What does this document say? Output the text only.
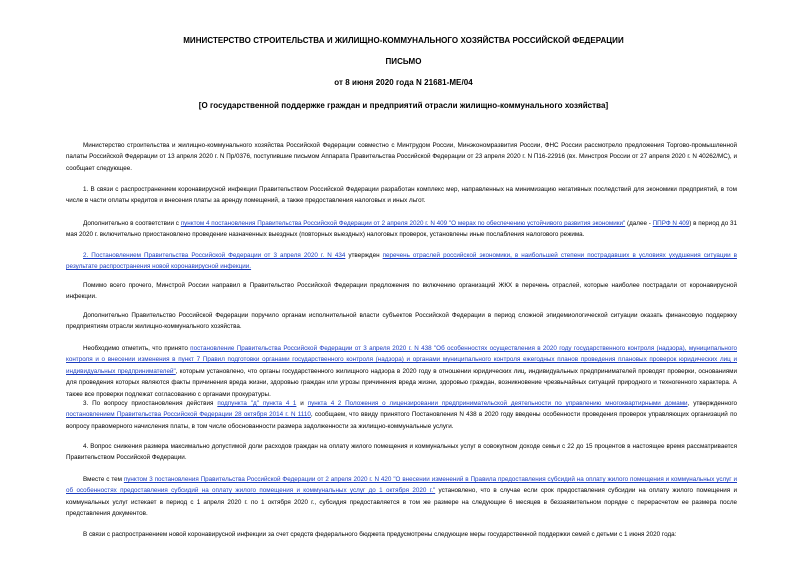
МИНИСТЕРСТВО СТРОИТЕЛЬСТВА И ЖИЛИЩНО-КОММУНАЛЬНОГО ХОЗЯЙСТВА РОССИЙСКОЙ ФЕДЕРАЦИИ
ПИСЬМО
от 8 июня 2020 года N 21681-МЕ/04
[О государственной поддержке граждан и предприятий отрасли жилищно-коммунального хозяйства]

Министерство строительства и жилищно-коммунального хозяйства Российской Федерации совместно с Минтрудом России, Минэкономразвития России, ФНС России рассмотрело предложения Торгово-промышленной палаты Российской Федерации от 13 апреля 2020 г. N Пр/0376, поступившие письмом Аппарата Правительства Российской Федерации от 23 апреля 2020 г. N П16-22916 (вх. Минстроя России от 27 апреля 2020 г. N 40262/МС), и сообщает следующее.

1. В связи с распространением коронавирусной инфекции Правительством Российской Федерации разработан комплекс мер, направленных на минимизацию негативных последствий для экономики предприятий, в том числе в части оплаты кредитов и внесения платы за аренду помещений, а также предоставления налоговых и иных льгот.

Дополнительно в соответствии с пунктом 4 постановления Правительства Российской Федерации от 2 апреля 2020 г. N 409 "О мерах по обеспечению устойчивого развития экономики" (далее - ППРФ N 409) в период до 31 мая 2020 г. включительно приостановлено проведение назначенных выездных (повторных выездных) налоговых проверок, установлены иные послабления налогового режима.

2. Постановлением Правительства Российской Федерации от 3 апреля 2020 г. N 434 утвержден перечень отраслей российской экономики, в наибольшей степени пострадавших в условиях ухудшения ситуации в результате распространения новой коронавирусной инфекции.

Помимо всего прочего, Минстрой России направил в Правительство Российской Федерации предложения по включению организаций ЖКХ в перечень отраслей, которые наиболее пострадали от коронавирусной инфекции.

Дополнительно Правительство Российской Федерации поручило органам исполнительной власти субъектов Российской Федерации в период сложной эпидемиологической ситуации оказать финансовую поддержку предприятиям отрасли жилищно-коммунального хозяйства.

Необходимо отметить, что принято постановление Правительства Российской Федерации от 3 апреля 2020 г. N 438 "Об особенностях осуществления в 2020 году государственного контроля (надзора), муниципального контроля и о внесении изменения в пункт 7 Правил подготовки органами государственного контроля (надзора) и органами муниципального контроля ежегодных планов проведения плановых проверок юридических лиц и индивидуальных предпринимателей", которым установлено, что органы государственного жилищного надзора в 2020 году в отношении юридических лиц, индивидуальных предпринимателей проводят проверки, основаниями для проведения которых являются факты причинения вреда жизни, здоровью граждан или угрозы причинения вреда жизни, здоровью граждан, возникновение чрезвычайных ситуаций природного и техногенного характера. А также все проверки подлежат согласованию с органами прокуратуры.

3. По вопросу приостановления действия подпункта "д" пункта 4_1 и пункта 4_2 Положения о лицензировании предпринимательской деятельности по управлению многоквартирными домами, утвержденного постановлением Правительства Российской Федерации 28 октября 2014 г. N 1110, сообщаем, что ввиду принятого Постановления N 438 в 2020 году введены особенности проведения проверок управляющих организаций по вопросу правомерного начисления платы, в том числе обоснованности размера задолженности за жилищно-коммунальные услуги.

4. Вопрос снижения размера максимально допустимой доли расходов граждан на оплату жилого помещения и коммунальных услуг в совокупном доходе семьи с 22 до 15 процентов в настоящее время рассматривается Правительством Российской Федерации.

Вместе с тем пунктом 3 постановления Правительства Российской Федерации от 2 апреля 2020 г. N 420 "О внесении изменений в Правила предоставления субсидий на оплату жилого помещения и коммунальных услуг и об особенностях предоставления субсидий на оплату жилого помещения и коммунальных услуг до 1 октября 2020 г." установлено, что в случае если срок предоставления субсидии на оплату жилого помещения и коммунальных услуг истекает в период с 1 апреля 2020 г. по 1 октября 2020 г., субсидия предоставляется в том же размере на следующие 6 месяцев в беззаявительном порядке с перерасчетом ее размера после представления документов.

В связи с распространением новой коронавирусной инфекции за счет средств федерального бюджета предусмотрены следующие меры государственной поддержки семей с детьми с 1 июня 2020 года:
